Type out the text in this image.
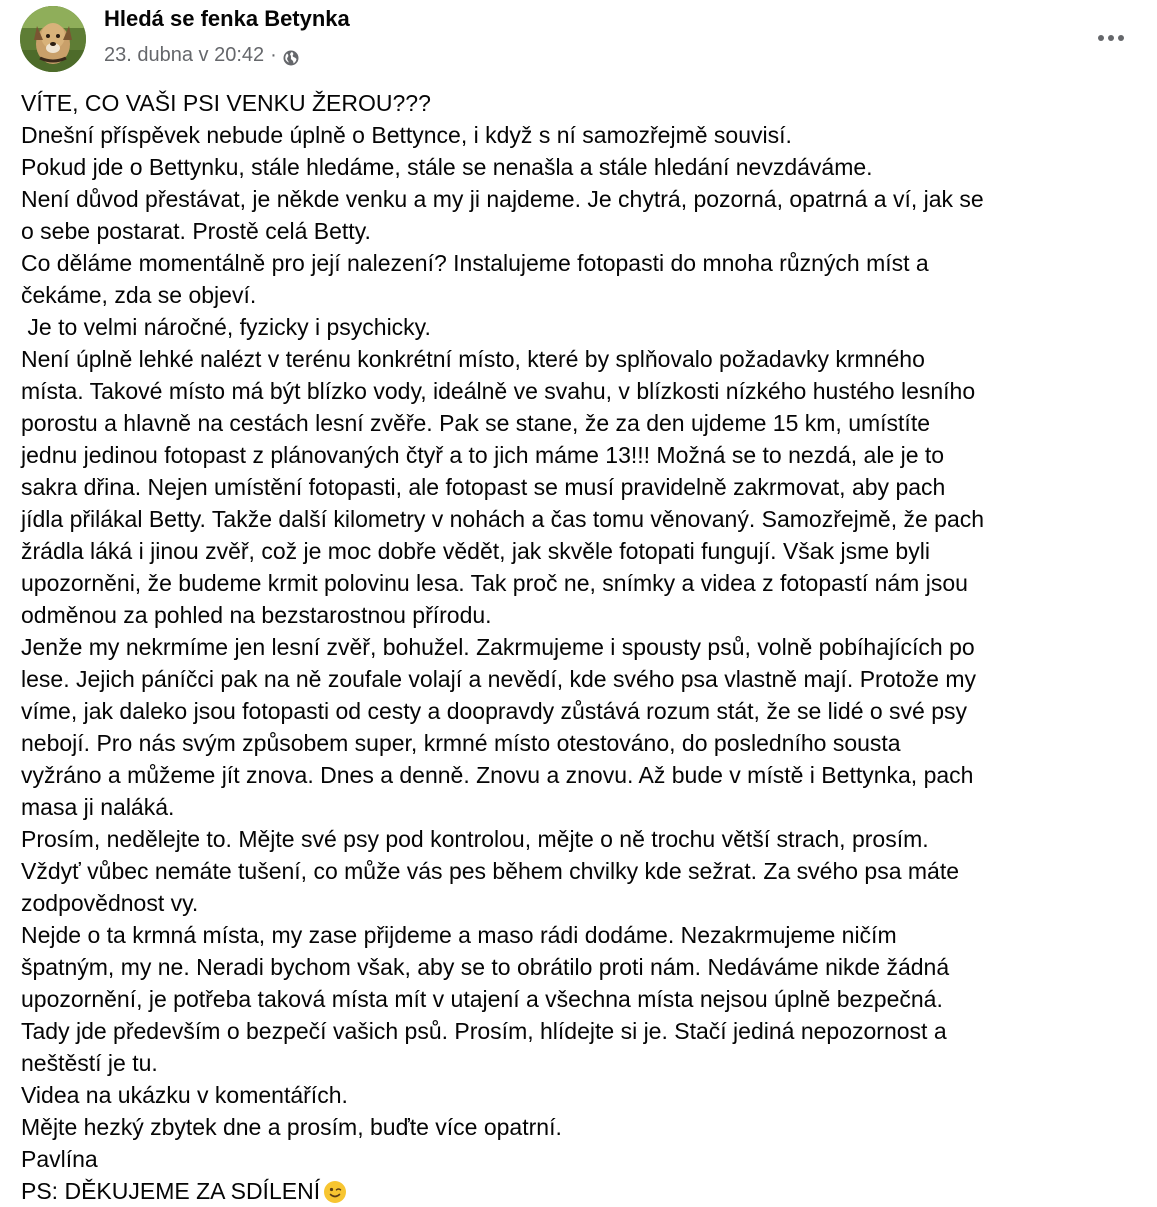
Hledá se fenka Betynka
23. dubna v 20:42 ·
VÍTE, CO VAŠI PSI VENKU ŽEROU???
Dnešní příspěvek nebude úplně o Bettynce, i když s ní samozřejmě souvisí.
Pokud jde o Bettynku, stále hledáme, stále se nenašla a stále hledání nevzdáváme.
Není důvod přestávat, je někde venku a my ji najdeme. Je chytrá, pozorná, opatrná a ví, jak se
o sebe postarat. Prostě celá Betty.
Co děláme momentálně pro její nalezení? Instalujeme fotopasti do mnoha různých míst a
čekáme, zda se objeví.
Je to velmi náročné, fyzicky i psychicky.
Není úplně lehké nalézt v terénu konkrétní místo, které by splňovalo požadavky krmného
místa. Takové místo má být blízko vody, ideálně ve svahu, v blízkosti nízkého hustého lesního
porostu a hlavně na cestách lesní zvěře. Pak se stane, že za den ujdeme 15 km, umístíte
jednu jedinou fotopast z plánovaných čtyř a to jich máme 13!!! Možná se to nezdá, ale je to
sakra dřina. Nejen umístění fotopasti, ale fotopast se musí pravidelně zakrmovat, aby pach
jídla přilákal Betty. Takže další kilometry v nohách a čas tomu věnovaný. Samozřejmě, že pach
žrádla láká i jinou zvěř, což je moc dobře vědět, jak skvěle fotopati fungují. Však jsme byli
upozorněni, že budeme krmit polovinu lesa. Tak proč ne, snímky a videa z fotopastí nám jsou
odměnou za pohled na bezstarostnou přírodu.
Jenže my nekrmíme jen lesní zvěř, bohužel. Zakrmujeme i spousty psů, volně pobíhajících po
lese. Jejich páníčci pak na ně zoufale volají a nevědí, kde svého psa vlastně mají. Protože my
víme, jak daleko jsou fotopasti od cesty a doopravdy zůstává rozum stát, že se lidé o své psy
nebojí. Pro nás svým způsobem super, krmné místo otestováno, do posledního sousta
vyžráno a můžeme jít znova. Dnes a denně. Znovu a znovu. Až bude v místě i Bettynka, pach
masa ji naláká.
Prosím, nedělejte to. Mějte své psy pod kontrolou, mějte o ně trochu větší strach, prosím.
Vždyť vůbec nemáte tušení, co může vás pes během chvilky kde sežrat. Za svého psa máte
zodpovědnost vy.
Nejde o ta krmná místa, my zase přijdeme a maso rádi dodáme. Nezakrmujeme ničím
špatným, my ne. Neradi bychom však, aby se to obrátilo proti nám. Nedáváme nikde žádná
upozornění, je potřeba taková místa mít v utajení a všechna místa nejsou úplně bezpečná.
Tady jde především o bezpečí vašich psů. Prosím, hlídejte si je. Stačí jediná nepozornost a
neštěstí je tu.
Videa na ukázku v komentářích.
Mějte hezký zbytek dne a prosím, buďte více opatrní.
Pavlína
PS: DĚKUJEME ZA SDÍLENÍ
